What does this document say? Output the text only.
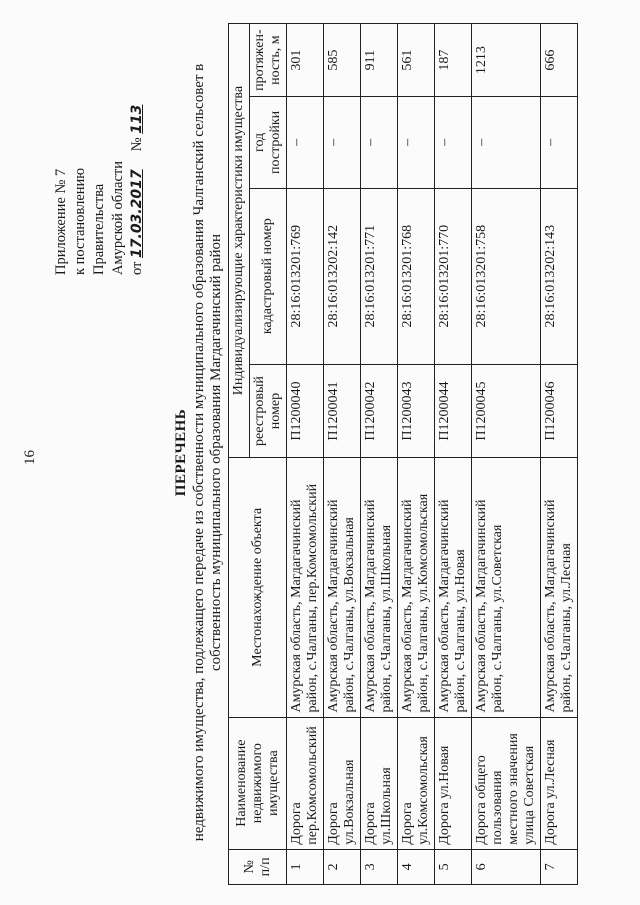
16
Приложение № 7 к постановлению Правительства Амурской области от 17.03.2017     № 113
ПЕРЕЧЕНЬ недвижимого имущества, подлежащего передаче из собственности муниципального образования Чалганский сельсовет в собственность муниципального образования Магдагачинский район
№ п/п	Наименование недвижимого имущества	Местонахождение объекта	Индивидуализирующие характеристики имущества			
			реестровый номер	кадастровый номер	год постройки	протяжен-ность, м
1	Дорога пер.Комсомольский	Амурская область, Магдагачинский район, с.Чалганы, пер.Комсомольский	П1200040	28:16:013201:769	–	301
2	Дорога ул.Вокзальная	Амурская область, Магдагачинский район, с.Чалганы, ул.Вокзальная	П1200041	28:16:013202:142	–	585
3	Дорога ул.Школьная	Амурская область, Магдагачинский район, с.Чалганы, ул.Школьная	П1200042	28:16:013201:771	–	911
4	Дорога ул.Комсомольская	Амурская область, Магдагачинский район, с.Чалганы, ул.Комсомольская	П1200043	28:16:013201:768	–	561
5	Дорога ул.Новая	Амурская область, Магдагачинский район, с.Чалганы, ул.Новая	П1200044	28:16:013201:770	–	187
6	Дорога общего пользования местного значения улица Советская	Амурская область, Магдагачинский район, с.Чалганы, ул.Советская	П1200045	28:16:013201:758	–	1213
7	Дорога ул.Лесная	Амурская область, Магдагачинский район, с.Чалганы, ул.Лесная	П1200046	28:16:013202:143	–	666
